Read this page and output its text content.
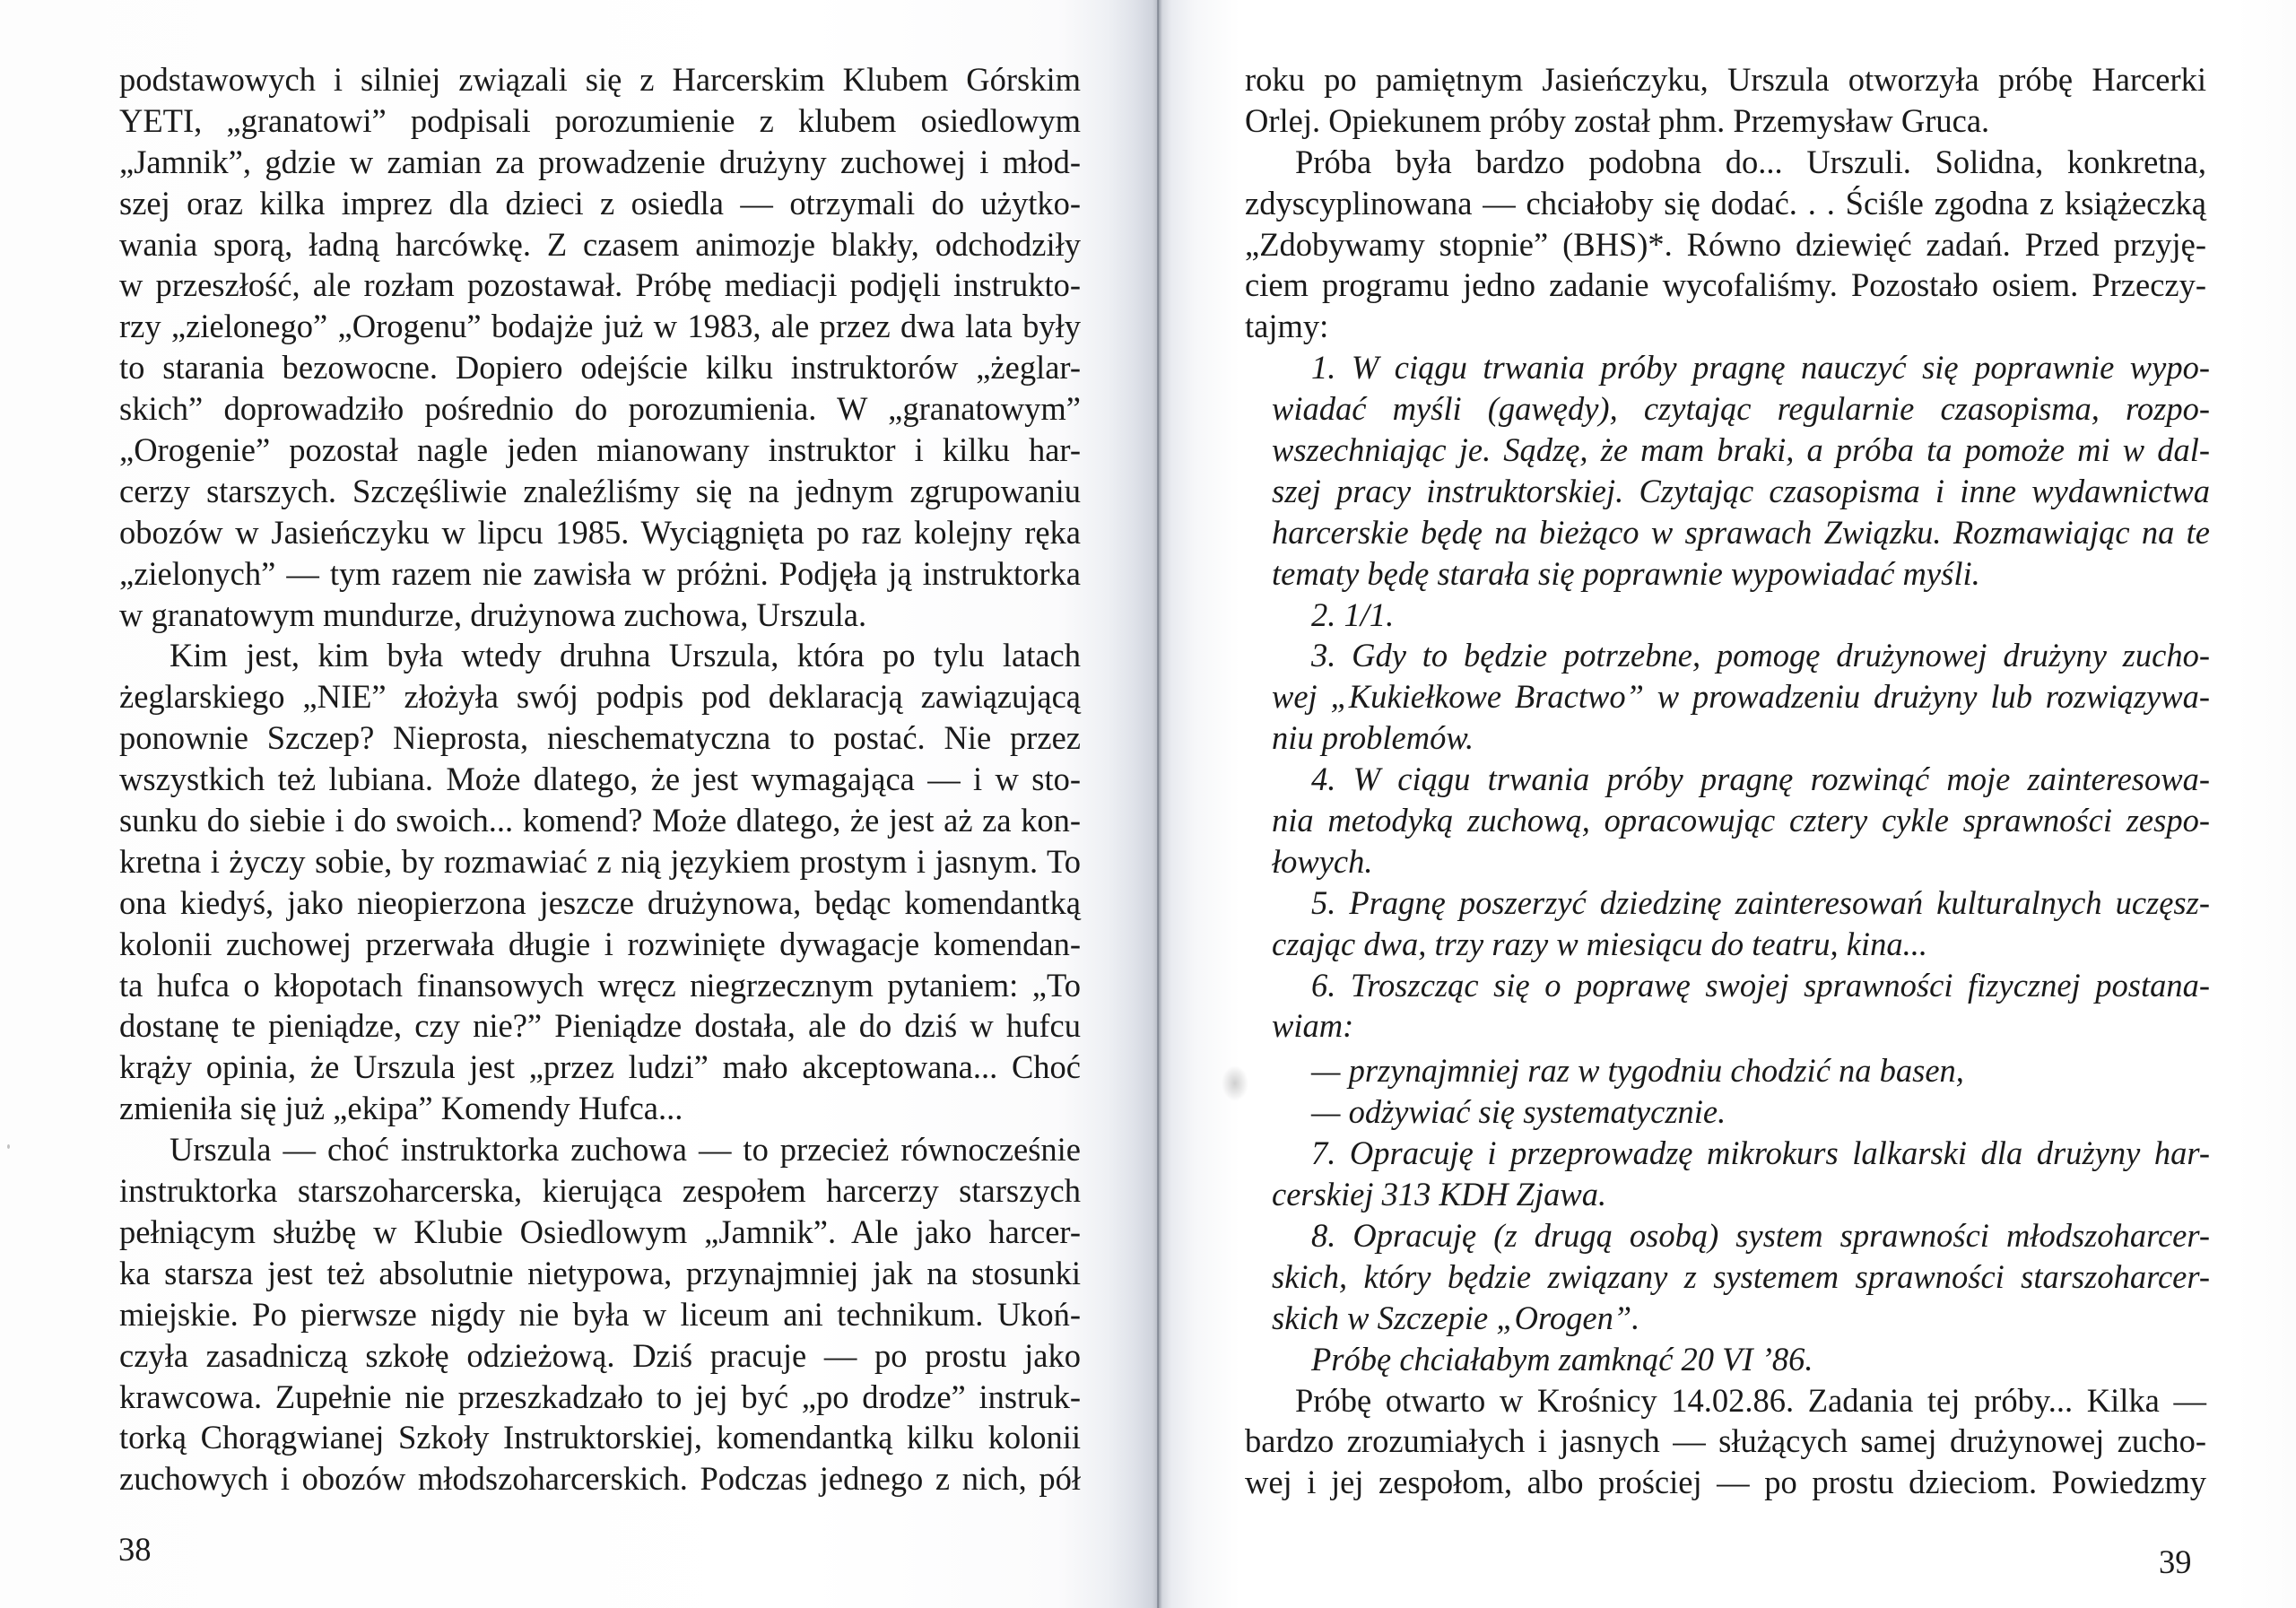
podstawowych i silniej związali się z Harcerskim Klubem Górskim
YETI, „granatowi” podpisali porozumienie z klubem osiedlowym
„Jamnik”, gdzie w zamian za prowadzenie drużyny zuchowej i młod-
szej oraz kilka imprez dla dzieci z osiedla — otrzymali do użytko-
wania sporą, ładną harcówkę. Z czasem animozje blakły, odchodziły
w przeszłość, ale rozłam pozostawał. Próbę mediacji podjęli instrukto-
rzy „zielonego” „Orogenu” bodajże już w 1983, ale przez dwa lata były
to starania bezowocne. Dopiero odejście kilku instruktorów „żeglar-
skich” doprowadziło pośrednio do porozumienia. W „granatowym”
„Orogenie” pozostał nagle jeden mianowany instruktor i kilku har-
cerzy starszych. Szczęśliwie znaleźliśmy się na jednym zgrupowaniu
obozów w Jasieńczyku w lipcu 1985. Wyciągnięta po raz kolejny ręka
„zielonych” — tym razem nie zawisła w próżni. Podjęła ją instruktorka
w granatowym mundurze, drużynowa zuchowa, Urszula.
Kim jest, kim była wtedy druhna Urszula, która po tylu latach
żeglarskiego „NIE” złożyła swój podpis pod deklaracją zawiązującą
ponownie Szczep? Nieprosta, nieschematyczna to postać. Nie przez
wszystkich też lubiana. Może dlatego, że jest wymagająca — i w sto-
sunku do siebie i do swoich... komend? Może dlatego, że jest aż za kon-
kretna i życzy sobie, by rozmawiać z nią językiem prostym i jasnym. To
ona kiedyś, jako nieopierzona jeszcze drużynowa, będąc komendantką
kolonii zuchowej przerwała długie i rozwinięte dywagacje komendan-
ta hufca o kłopotach finansowych wręcz niegrzecznym pytaniem: „To
dostanę te pieniądze, czy nie?” Pieniądze dostała, ale do dziś w hufcu
krąży opinia, że Urszula jest „przez ludzi” mało akceptowana... Choć
zmieniła się już „ekipa” Komendy Hufca...
Urszula — choć instruktorka zuchowa — to przecież równocześnie
instruktorka starszoharcerska, kierująca zespołem harcerzy starszych
pełniącym służbę w Klubie Osiedlowym „Jamnik”. Ale jako harcer-
ka starsza jest też absolutnie nietypowa, przynajmniej jak na stosunki
miejskie. Po pierwsze nigdy nie była w liceum ani technikum. Ukoń-
czyła zasadniczą szkołę odzieżową. Dziś pracuje — po prostu jako
krawcowa. Zupełnie nie przeszkadzało to jej być „po drodze” instruk-
torką Chorągwianej Szkoły Instruktorskiej, komendantką kilku kolonii
zuchowych i obozów młodszoharcerskich. Podczas jednego z nich, pół
38
roku po pamiętnym Jasieńczyku, Urszula otworzyła próbę Harcerki
Orlej. Opiekunem próby został phm. Przemysław Gruca.
Próba była bardzo podobna do... Urszuli. Solidna, konkretna,
zdyscyplinowana — chciałoby się dodać. . . Ściśle zgodna z książeczką
„Zdobywamy stopnie” (BHS)*. Równo dziewięć zadań. Przed przyję-
ciem programu jedno zadanie wycofaliśmy. Pozostało osiem. Przeczy-
tajmy:
1. W ciągu trwania próby pragnę nauczyć się poprawnie wypo-
wiadać myśli (gawędy), czytając regularnie czasopisma, rozpo-
wszechniając je. Sądzę, że mam braki, a próba ta pomoże mi w dal-
szej pracy instruktorskiej. Czytając czasopisma i inne wydawnictwa
harcerskie będę na bieżąco w sprawach Związku. Rozmawiając na te
tematy będę starała się poprawnie wypowiadać myśli.
2. 1/1.
3. Gdy to będzie potrzebne, pomogę drużynowej drużyny zucho-
wej „Kukiełkowe Bractwo” w prowadzeniu drużyny lub rozwiązywa-
niu problemów.
4. W ciągu trwania próby pragnę rozwinąć moje zainteresowa-
nia metodyką zuchową, opracowując cztery cykle sprawności zespo-
łowych.
5. Pragnę poszerzyć dziedzinę zainteresowań kulturalnych uczęsz-
czając dwa, trzy razy w miesiącu do teatru, kina...
6. Troszcząc się o poprawę swojej sprawności fizycznej postana-
wiam:
— przynajmniej raz w tygodniu chodzić na basen,
— odżywiać się systematycznie.
7. Opracuję i przeprowadzę mikrokurs lalkarski dla drużyny har-
cerskiej 313 KDH Zjawa.
8. Opracuję (z drugą osobą) system sprawności młodszoharcer-
skich, który będzie związany z systemem sprawności starszoharcer-
skich w Szczepie „Orogen”.
Próbę chciałabym zamknąć 20 VI ’86.
Próbę otwarto w Krośnicy 14.02.86. Zadania tej próby... Kilka —
bardzo zrozumiałych i jasnych — służących samej drużynowej zucho-
wej i jej zespołom, albo prościej — po prostu dzieciom. Powiedzmy
39
